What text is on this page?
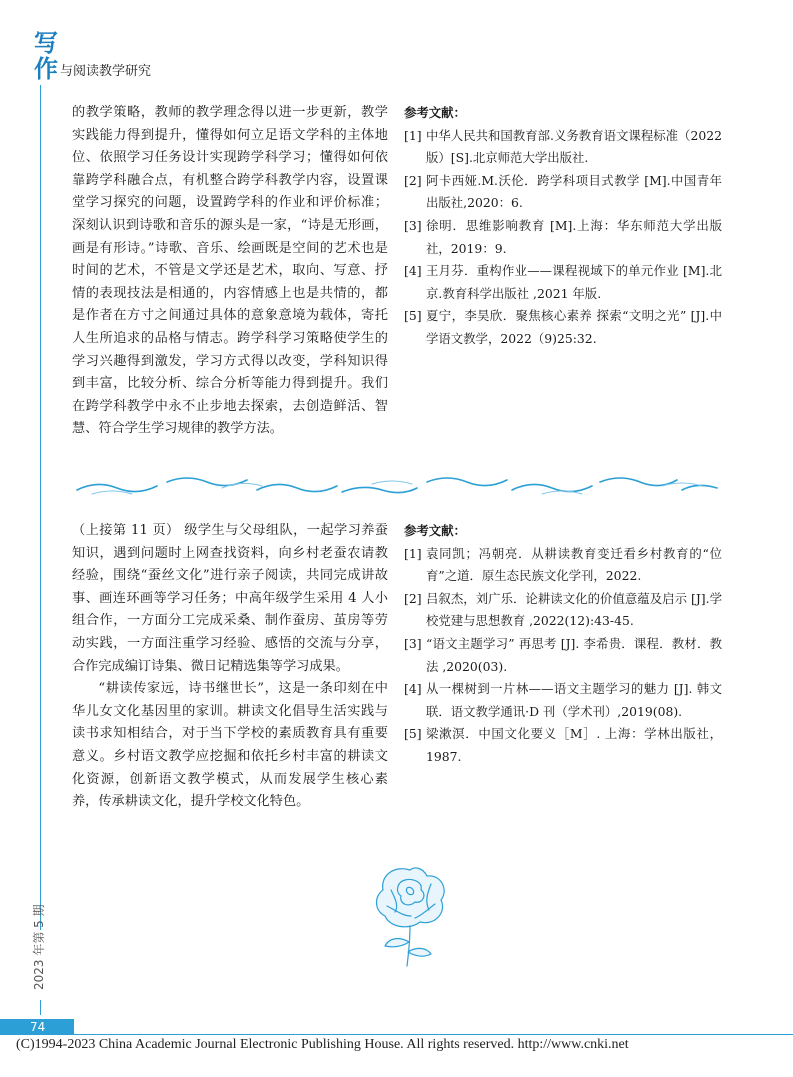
写
作 与阅读教学研究

的教学策略，教师的教学理念得以进一步更新，教学实践能力得到提升，懂得如何立足语文学科的主体地位、依照学习任务设计实现跨学科学习；懂得如何依靠跨学科融合点，有机整合跨学科教学内容，设置课堂学习探究的问题，设置跨学科的作业和评价标准；深刻认识到诗歌和音乐的源头是一家，“诗是无形画，画是有形诗。”诗歌、音乐、绘画既是空间的艺术也是时间的艺术，不管是文学还是艺术，取向、写意、抒情的表现技法是相通的，内容情感上也是共情的，都是作者在方寸之间通过具体的意象意境为载体，寄托人生所追求的品格与情志。跨学科学习策略使学生的学习兴趣得到激发，学习方式得以改变，学科知识得到丰富，比较分析、综合分析等能力得到提升。我们在跨学科教学中永不止步地去探索，去创造鲜活、智慧、符合学生学习规律的教学方法。

参考文献：
[1] 中华人民共和国教育部.义务教育语文课程标准（2022 版）[S].北京师范大学出版社.
[2] 阿卡西娅.M.沃伦．跨学科项目式教学 [M].中国青年出版社,2020：6.
[3] 徐明．思维影响教育 [M].上海：华东师范大学出版社，2019：9.
[4] 王月芬．重构作业——课程视域下的单元作业 [M].北京.教育科学出版社 ,2021 年版.
[5] 夏宁，李昊欣．聚焦核心素养 探索“文明之光” [J].中学语文教学，2022（9)25:32.

（上接第 11 页） 级学生与父母组队，一起学习养蚕知识，遇到问题时上网查找资料，向乡村老蚕农请教经验，围绕“蚕丝文化”进行亲子阅读，共同完成讲故事、画连环画等学习任务；中高年级学生采用 4 人小组合作，一方面分工完成采桑、制作蚕房、茧房等劳动实践，一方面注重学习经验、感悟的交流与分享，合作完成编订诗集、微日记精选集等学习成果。

“耕读传家远，诗书继世长”，这是一条印刻在中华儿女文化基因里的家训。耕读文化倡导生活实践与读书求知相结合，对于当下学校的素质教育具有重要意义。乡村语文教学应挖掘和依托乡村丰富的耕读文化资源，创新语文教学模式，从而发展学生核心素养，传承耕读文化，提升学校文化特色。

参考文献：
[1] 袁同凯；冯朝亮．从耕读教育变迁看乡村教育的“位育”之道．原生态民族文化学刊，2022.
[2] 吕叙杰，刘广乐．论耕读文化的价值意蕴及启示 [J].学校党建与思想教育 ,2022(12):43-45.
[3] “语文主题学习” 再思考 [J]. 李希贵．课程．教材．教法 ,2020(03).
[4] 从一棵树到一片林——语文主题学习的魅力 [J]. 韩文联．语文教学通讯·D 刊（学术刊）,2019(08).
[5] 梁漱溟．中国文化要义［M］. 上海：学林出版社，1987.
2023 年第 5 期
74
(C)1994-2023 China Academic Journal Electronic Publishing House. All rights reserved. http://www.cnki.net
